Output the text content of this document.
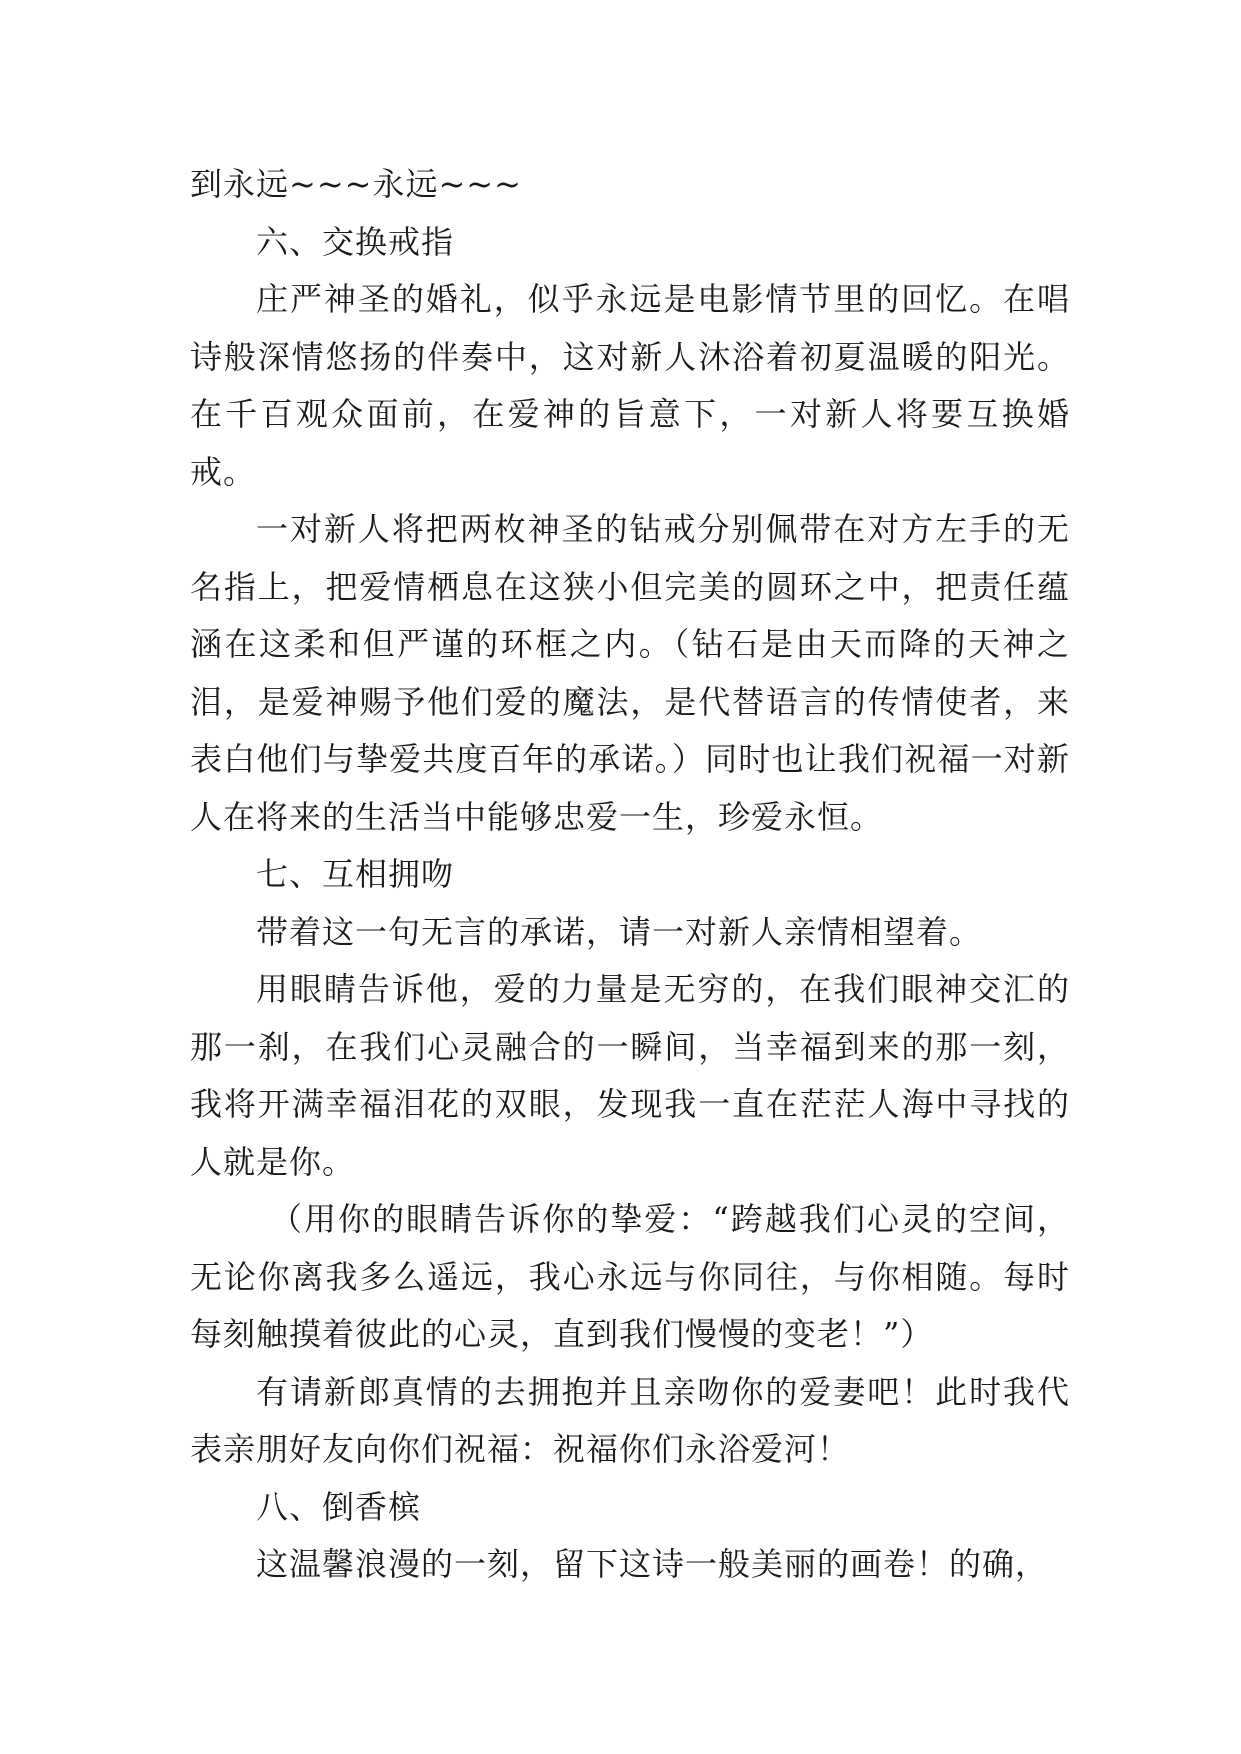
到永远~~~永远~~~

六、交换戒指

庄严神圣的婚礼，似乎永远是电影情节里的回忆。在唱诗般深情悠扬的伴奏中，这对新人沐浴着初夏温暖的阳光。在千百观众面前，在爱神的旨意下，一对新人将要互换婚戒。

一对新人将把两枚神圣的钻戒分别佩带在对方左手的无名指上，把爱情栖息在这狭小但完美的圆环之中，把责任蕴涵在这柔和但严谨的环框之内。（钻石是由天而降的天神之泪，是爱神赐予他们爱的魔法，是代替语言的传情使者，来表白他们与挚爱共度百年的承诺。）同时也让我们祝福一对新人在将来的生活当中能够忠爱一生，珍爱永恒。

七、互相拥吻

带着这一句无言的承诺，请一对新人亲情相望着。

用眼睛告诉他，爱的力量是无穷的，在我们眼神交汇的那一刹，在我们心灵融合的一瞬间，当幸福到来的那一刻，我将开满幸福泪花的双眼，发现我一直在茫茫人海中寻找的人就是你。

（用你的眼睛告诉你的挚爱：“跨越我们心灵的空间，无论你离我多么遥远，我心永远与你同往，与你相随。每时每刻触摸着彼此的心灵，直到我们慢慢的变老！”）

有请新郎真情的去拥抱并且亲吻你的爱妻吧！此时我代表亲朋好友向你们祝福：祝福你们永浴爱河！

八、倒香槟

这温馨浪漫的一刻，留下这诗一般美丽的画卷！的确，
